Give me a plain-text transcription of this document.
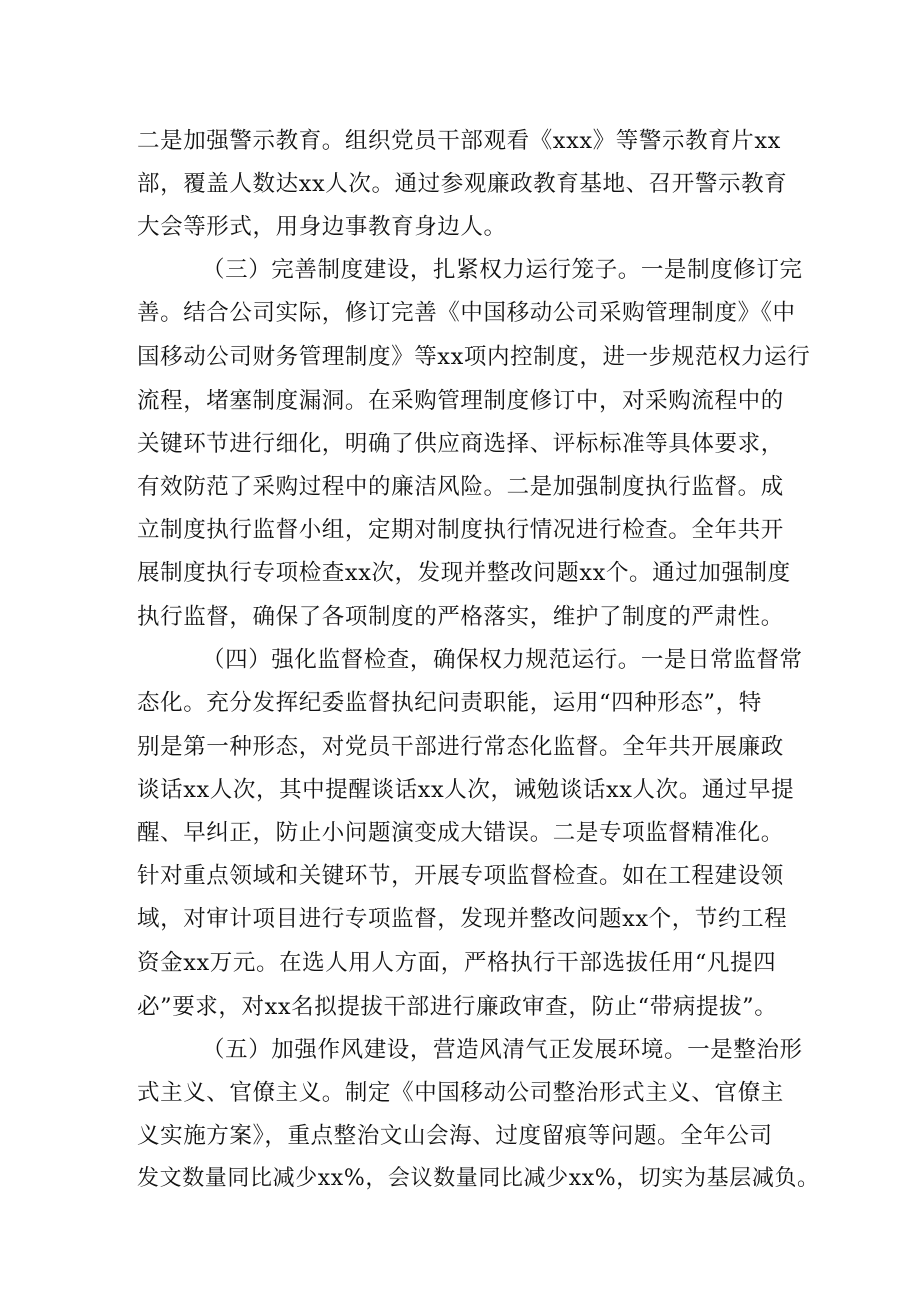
二是加强警示教育。组织党员干部观看《xxx》等警示教育片xx
部，覆盖人数达xx人次。通过参观廉政教育基地、召开警示教育
大会等形式，用身边事教育身边人。
（三）完善制度建设，扎紧权力运行笼子。一是制度修订完
善。结合公司实际，修订完善《中国移动公司采购管理制度》《中
国移动公司财务管理制度》等xx项内控制度，进一步规范权力运行
流程，堵塞制度漏洞。在采购管理制度修订中，对采购流程中的
关键环节进行细化，明确了供应商选择、评标标准等具体要求，
有效防范了采购过程中的廉洁风险。二是加强制度执行监督。成
立制度执行监督小组，定期对制度执行情况进行检查。全年共开
展制度执行专项检查xx次，发现并整改问题xx个。通过加强制度
执行监督，确保了各项制度的严格落实，维护了制度的严肃性。
（四）强化监督检查，确保权力规范运行。一是日常监督常
态化。充分发挥纪委监督执纪问责职能，运用“四种形态”，特
别是第一种形态，对党员干部进行常态化监督。全年共开展廉政
谈话xx人次，其中提醒谈话xx人次，诫勉谈话xx人次。通过早提
醒、早纠正，防止小问题演变成大错误。二是专项监督精准化。
针对重点领域和关键环节，开展专项监督检查。如在工程建设领
域，对审计项目进行专项监督，发现并整改问题xx个，节约工程
资金xx万元。在选人用人方面，严格执行干部选拔任用“凡提四
必”要求，对xx名拟提拔干部进行廉政审查，防止“带病提拔”。
（五）加强作风建设，营造风清气正发展环境。一是整治形
式主义、官僚主义。制定《中国移动公司整治形式主义、官僚主
义实施方案》，重点整治文山会海、过度留痕等问题。全年公司
发文数量同比减少xx%，会议数量同比减少xx%，切实为基层减负。
